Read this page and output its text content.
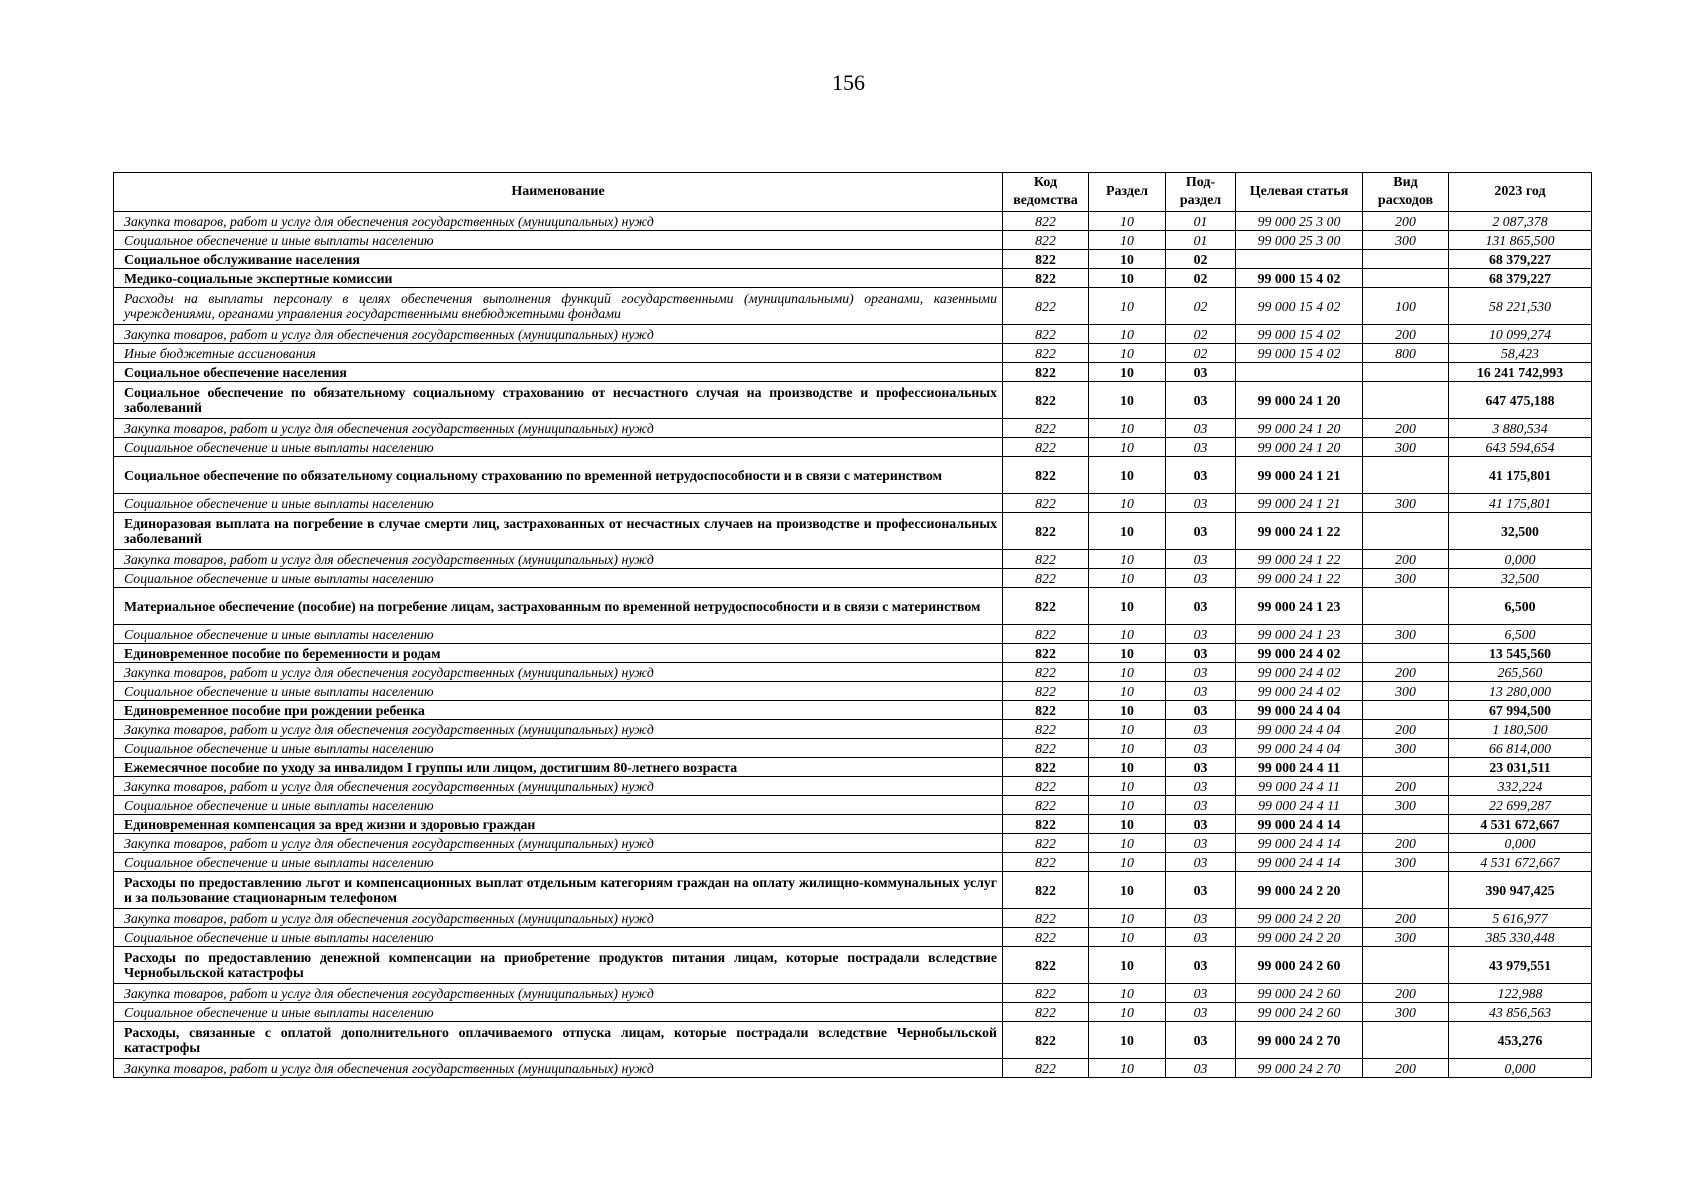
156
Наименование	Код ведомства	Раздел	Под-раздел	Целевая статья	Вид расходов	2023 год
Закупка товаров, работ и услуг для обеспечения государственных (муниципальных) нужд	822	10	01	99 000 25 3 00	200	2 087,378
Социальное обеспечение и иные выплаты населению	822	10	01	99 000 25 3 00	300	131 865,500
Социальное обслуживание населения	822	10	02			68 379,227
Медико-социальные экспертные комиссии	822	10	02	99 000 15 4 02		68 379,227
Расходы на выплаты персоналу в целях обеспечения выполнения функций государственными (муниципальными) органами, казенными учреждениями, органами управления государственными внебюджетными фондами	822	10	02	99 000 15 4 02	100	58 221,530
Закупка товаров, работ и услуг для обеспечения государственных (муниципальных) нужд	822	10	02	99 000 15 4 02	200	10 099,274
Иные бюджетные ассигнования	822	10	02	99 000 15 4 02	800	58,423
Социальное обеспечение населения	822	10	03			16 241 742,993
Социальное обеспечение по обязательному социальному страхованию от несчастного случая на производстве и профессиональных заболеваний	822	10	03	99 000 24 1 20		647 475,188
Закупка товаров, работ и услуг для обеспечения государственных (муниципальных) нужд	822	10	03	99 000 24 1 20	200	3 880,534
Социальное обеспечение и иные выплаты населению	822	10	03	99 000 24 1 20	300	643 594,654
Социальное обеспечение по обязательному социальному страхованию по временной нетрудоспособности и в связи с материнством	822	10	03	99 000 24 1 21		41 175,801
Социальное обеспечение и иные выплаты населению	822	10	03	99 000 24 1 21	300	41 175,801
Единоразовая выплата на погребение в случае смерти лиц, застрахованных от несчастных случаев на производстве и профессиональных заболеваний	822	10	03	99 000 24 1 22		32,500
Закупка товаров, работ и услуг для обеспечения государственных (муниципальных) нужд	822	10	03	99 000 24 1 22	200	0,000
Социальное обеспечение и иные выплаты населению	822	10	03	99 000 24 1 22	300	32,500
Материальное обеспечение (пособие) на погребение лицам, застрахованным по временной нетрудоспособности и в связи с материнством	822	10	03	99 000 24 1 23		6,500
Социальное обеспечение и иные выплаты населению	822	10	03	99 000 24 1 23	300	6,500
Единовременное пособие по беременности и родам	822	10	03	99 000 24 4 02		13 545,560
Закупка товаров, работ и услуг для обеспечения государственных (муниципальных) нужд	822	10	03	99 000 24 4 02	200	265,560
Социальное обеспечение и иные выплаты населению	822	10	03	99 000 24 4 02	300	13 280,000
Единовременное пособие при рождении ребенка	822	10	03	99 000 24 4 04		67 994,500
Закупка товаров, работ и услуг для обеспечения государственных (муниципальных) нужд	822	10	03	99 000 24 4 04	200	1 180,500
Социальное обеспечение и иные выплаты населению	822	10	03	99 000 24 4 04	300	66 814,000
Ежемесячное пособие по уходу за инвалидом I группы или лицом, достигшим 80-летнего возраста	822	10	03	99 000 24 4 11		23 031,511
Закупка товаров, работ и услуг для обеспечения государственных (муниципальных) нужд	822	10	03	99 000 24 4 11	200	332,224
Социальное обеспечение и иные выплаты населению	822	10	03	99 000 24 4 11	300	22 699,287
Единовременная компенсация за вред жизни и здоровью граждан	822	10	03	99 000 24 4 14		4 531 672,667
Закупка товаров, работ и услуг для обеспечения государственных (муниципальных) нужд	822	10	03	99 000 24 4 14	200	0,000
Социальное обеспечение и иные выплаты населению	822	10	03	99 000 24 4 14	300	4 531 672,667
Расходы по предоставлению льгот и компенсационных выплат отдельным категориям граждан на оплату жилищно-коммунальных услуг и за пользование стационарным телефоном	822	10	03	99 000 24 2 20		390 947,425
Закупка товаров, работ и услуг для обеспечения государственных (муниципальных) нужд	822	10	03	99 000 24 2 20	200	5 616,977
Социальное обеспечение и иные выплаты населению	822	10	03	99 000 24 2 20	300	385 330,448
Расходы по предоставлению денежной компенсации на приобретение продуктов питания лицам, которые пострадали вследствие Чернобыльской катастрофы	822	10	03	99 000 24 2 60		43 979,551
Закупка товаров, работ и услуг для обеспечения государственных (муниципальных) нужд	822	10	03	99 000 24 2 60	200	122,988
Социальное обеспечение и иные выплаты населению	822	10	03	99 000 24 2 60	300	43 856,563
Расходы, связанные с оплатой дополнительного оплачиваемого отпуска лицам, которые пострадали вследствие Чернобыльской катастрофы	822	10	03	99 000 24 2 70		453,276
Закупка товаров, работ и услуг для обеспечения государственных (муниципальных) нужд	822	10	03	99 000 24 2 70	200	0,000
